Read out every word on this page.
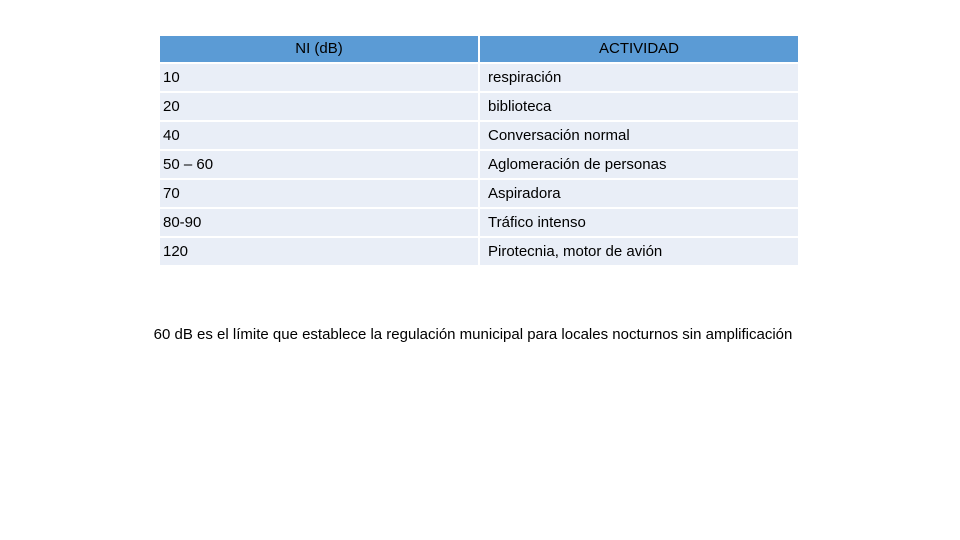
NI (dB)	ACTIVIDAD
10	respiración
20	biblioteca
40	Conversación normal
50 – 60	Aglomeración de personas
70	Aspiradora
80-90	Tráfico intenso
120	Pirotecnia, motor de avión
60 dB es el límite que establece la regulación municipal para locales nocturnos sin amplificación
